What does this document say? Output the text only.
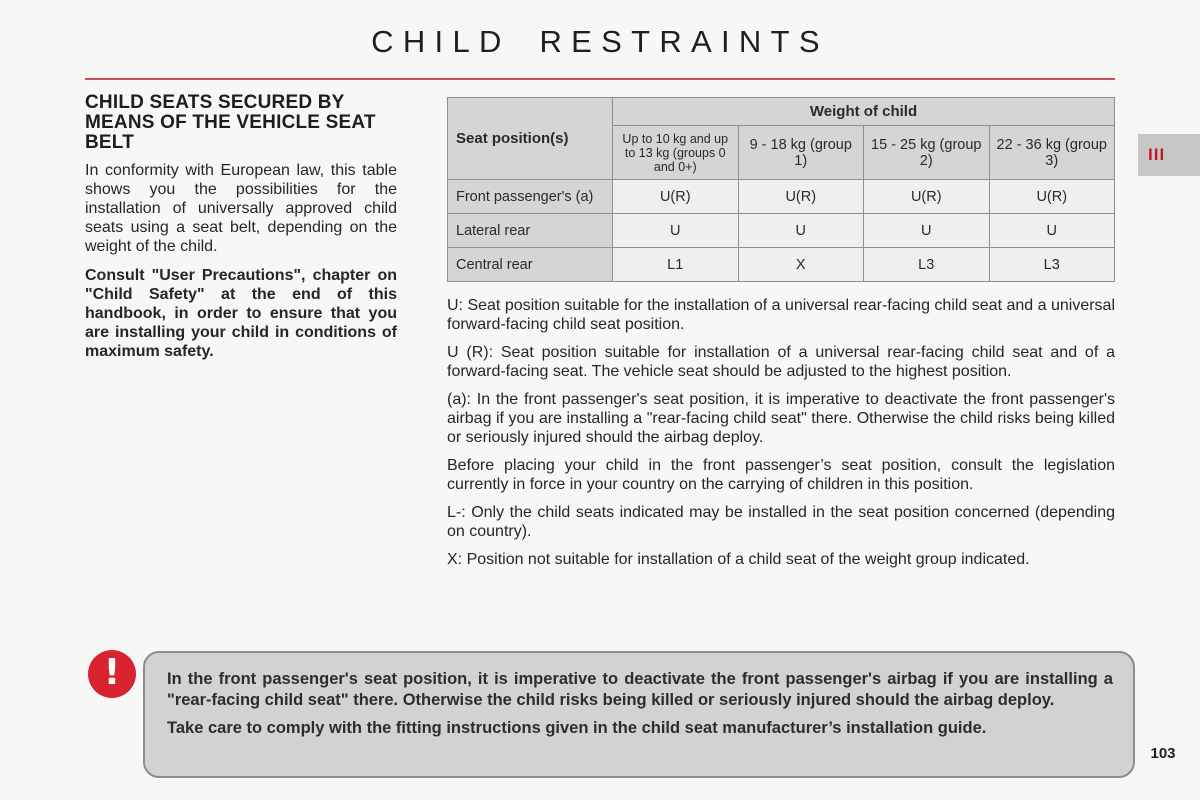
CHILD RESTRAINTS
III
CHILD SEATS SECURED BY MEANS OF THE VEHICLE SEAT BELT

In conformity with European law, this table shows you the possibilities for the installation of universally approved child seats using a seat belt, depending on the weight of the child.

Consult "User Precautions", chapter on "Child Safety" at the end of this handbook, in order to ensure that you are installing your child in conditions of maximum safety.

Seat position(s)	Weight of child			
	Up to 10 kg and up to 13 kg (groups 0 and 0+)	9 - 18 kg (group 1)	15 - 25 kg (group 2)	22 - 36 kg (group 3)
Front passenger's (a)	U(R)	U(R)	U(R)	U(R)
Lateral rear	U	U	U	U
Central rear	L1	X	L3	L3

U: Seat position suitable for the installation of a universal rear-facing child seat and a universal forward-facing child seat position.

U (R): Seat position suitable for installation of a universal rear-facing child seat and of a forward-facing seat. The vehicle seat should be adjusted to the highest position.

(a): In the front passenger's seat position, it is imperative to deactivate the front passenger's airbag if you are installing a "rear-facing child seat" there. Otherwise the child risks being killed or seriously injured should the airbag deploy.

Before placing your child in the front passenger’s seat position, consult the legislation currently in force in your country on the carrying of children in this position.

L-: Only the child seats indicated may be installed in the seat position concerned (depending on country).

X: Position not suitable for installation of a child seat of the weight group indicated.

!	In the front passenger's seat position, it is imperative to deactivate the front passenger's airbag if you are installing a "rear-facing child seat" there. Otherwise the child risks being killed or seriously injured should the airbag deploy.

Take care to comply with the fitting instructions given in the child seat manufacturer’s installation guide.

103
